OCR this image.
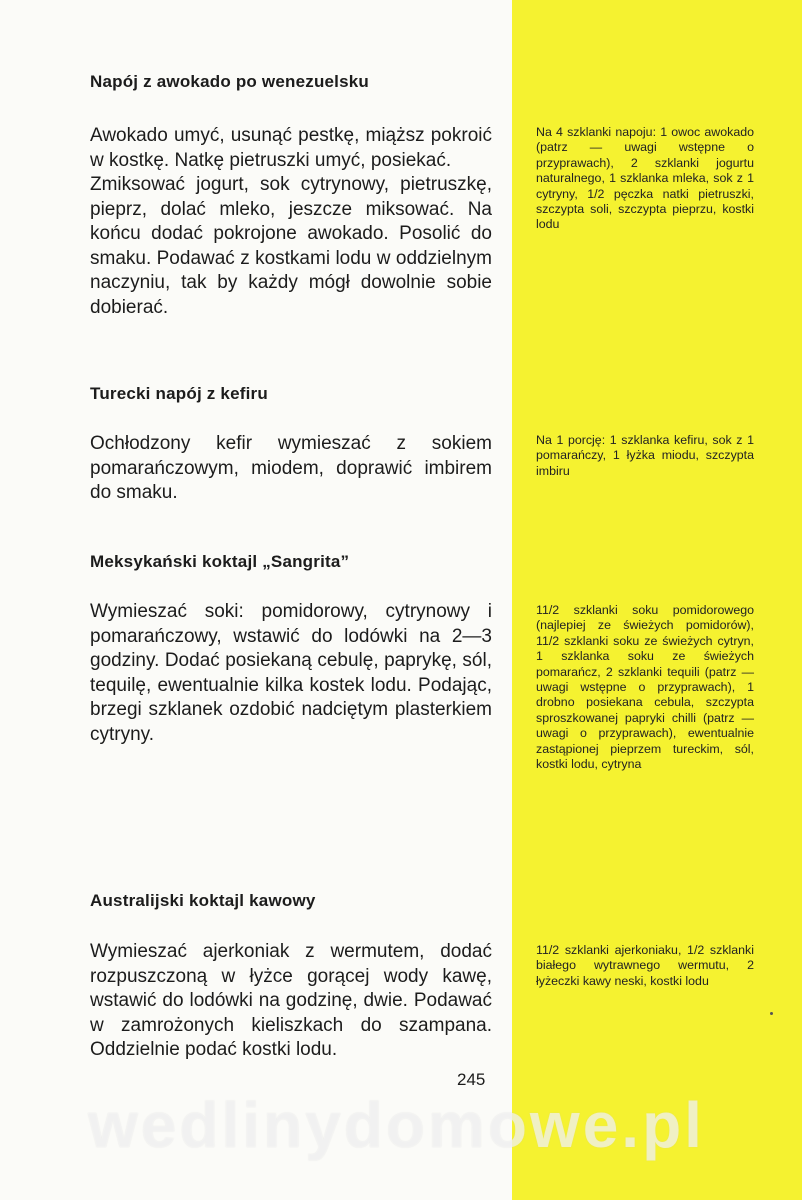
Napój z awokado po wenezuelsku

Awokado umyć, usunąć pestkę, miąższ pokroić w kostkę. Natkę pietruszki umyć, posiekać.

Zmiksować jogurt, sok cytrynowy, pietruszkę, pieprz, dolać mleko, jeszcze miksować. Na końcu dodać pokrojone awokado. Posolić do smaku. Podawać z kostkami lodu w oddzielnym naczyniu, tak by każdy mógł dowolnie sobie dobierać.

Na 4 szklanki napoju: 1 owoc awokado (patrz — uwagi wstępne o przyprawach), 2 szklanki jogurtu naturalnego, 1 szklanka mleka, sok z 1 cytryny, 1/2 pęczka natki pietruszki, szczypta soli, szczypta pieprzu, kostki lodu
Turecki napój z kefiru

Ochłodzony kefir wymieszać z sokiem pomarańczowym, miodem, doprawić imbirem do smaku.

Na 1 porcję: 1 szklanka kefiru, sok z 1 pomarańczy, 1 łyżka miodu, szczypta imbiru
Meksykański koktajl „Sangrita”

Wymieszać soki: pomidorowy, cytrynowy i pomarańczowy, wstawić do lodówki na 2—3 godziny. Dodać posiekaną cebulę, paprykę, sól, tequilę, ewentualnie kilka kostek lodu. Podając, brzegi szklanek ozdobić nadciętym plasterkiem cytryny.

11/2 szklanki soku pomidorowego (najlepiej ze świeżych pomidorów), 11/2 szklanki soku ze świeżych cytryn, 1 szklanka soku ze świeżych pomarańcz, 2 szklanki tequili (patrz — uwagi wstępne o przyprawach), 1 drobno posiekana cebula, szczypta sproszkowanej papryki chilli (patrz — uwagi o przyprawach), ewentualnie zastąpionej pieprzem tureckim, sól, kostki lodu, cytryna
Australijski koktajl kawowy

Wymieszać ajerkoniak z wermutem, dodać rozpuszczoną w łyżce gorącej wody kawę, wstawić do lodówki na godzinę, dwie. Podawać w zamrożonych kieliszkach do szampana. Oddzielnie podać kostki lodu.

11/2 szklanki ajerkoniaku, 1/2 szklanki białego wytrawnego wermutu, 2 łyżeczki kawy neski, kostki lodu
245
wedlinydomowe.pl
